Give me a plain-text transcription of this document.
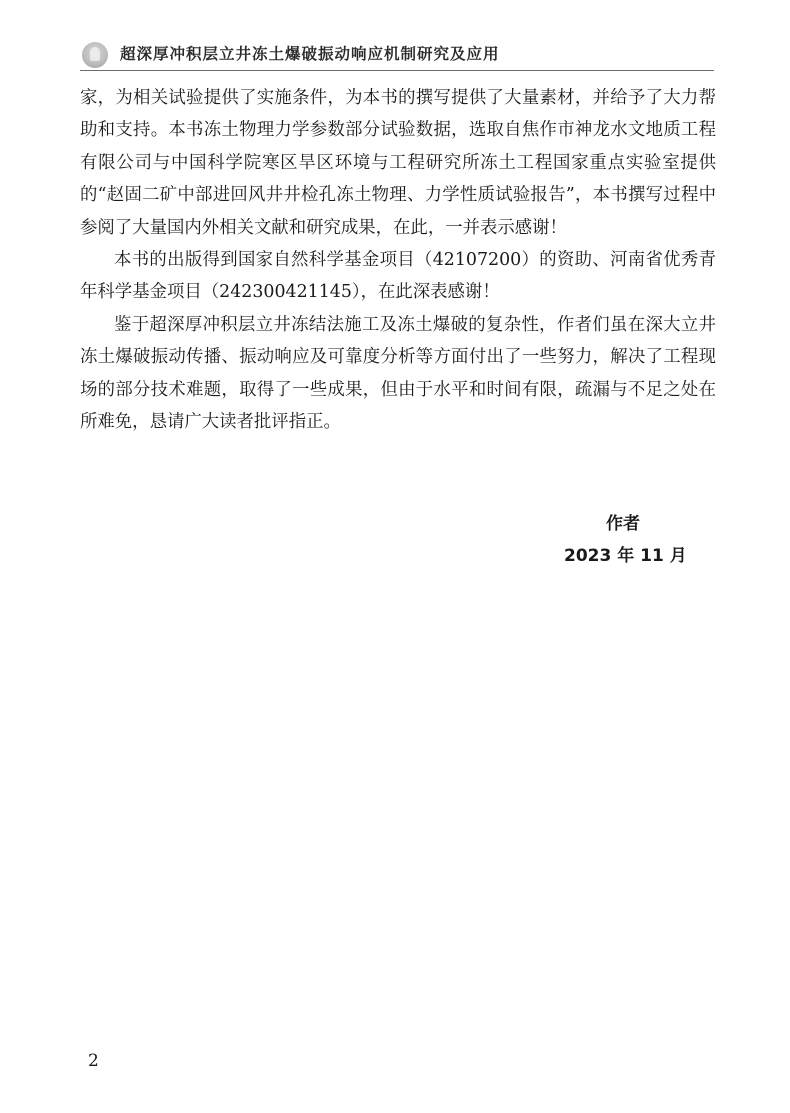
超深厚冲积层立井冻土爆破振动响应机制研究及应用

家，为相关试验提供了实施条件，为本书的撰写提供了大量素材，并给予了大力帮助和支持。本书冻土物理力学参数部分试验数据，选取自焦作市神龙水文地质工程有限公司与中国科学院寒区旱区环境与工程研究所冻土工程国家重点实验室提供的“赵固二矿中部进回风井井检孔冻土物理、力学性质试验报告”，本书撰写过程中参阅了大量国内外相关文献和研究成果，在此，一并表示感谢！

本书的出版得到国家自然科学基金项目（42107200）的资助、河南省优秀青年科学基金项目（242300421145），在此深表感谢！

鉴于超深厚冲积层立井冻结法施工及冻土爆破的复杂性，作者们虽在深大立井冻土爆破振动传播、振动响应及可靠度分析等方面付出了一些努力，解决了工程现场的部分技术难题，取得了一些成果，但由于水平和时间有限，疏漏与不足之处在所难免，恳请广大读者批评指正。

作者
2023 年 11 月
2
